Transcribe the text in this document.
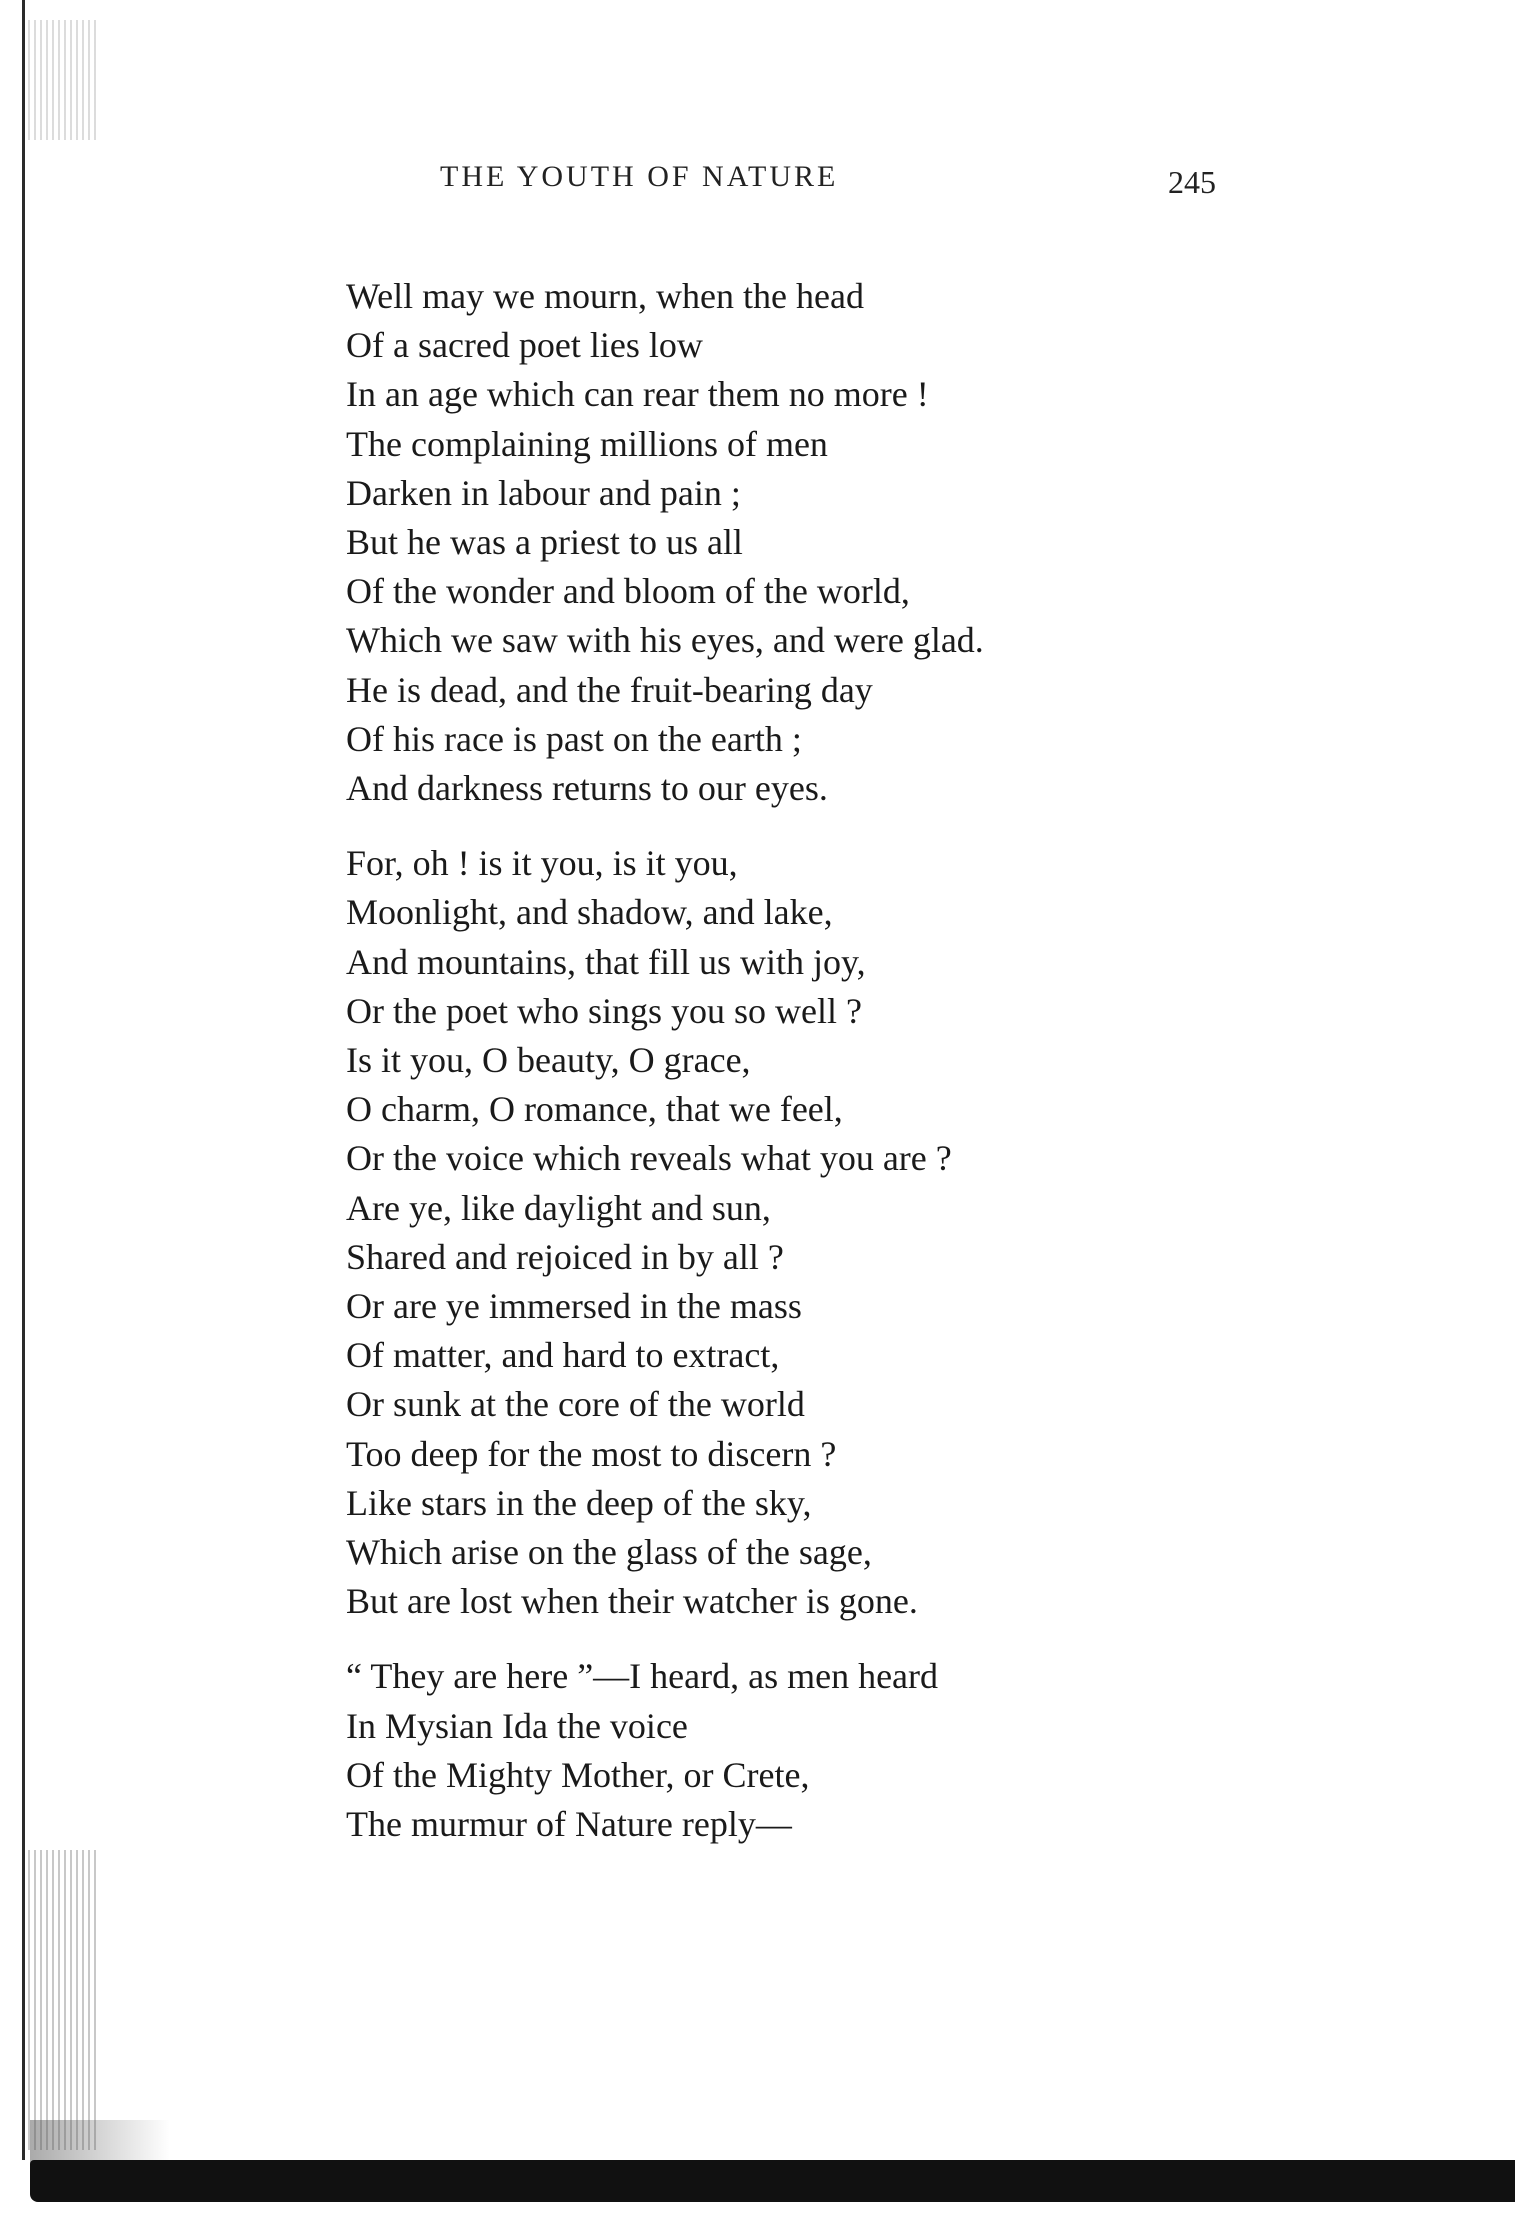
THE YOUTH OF NATURE	245
Well may we mourn, when the head
Of a sacred poet lies low
In an age which can rear them no more !
The complaining millions of men
Darken in labour and pain ;
But he was a priest to us all
Of the wonder and bloom of the world,
Which we saw with his eyes, and were glad.
He is dead, and the fruit-bearing day
Of his race is past on the earth ;
And darkness returns to our eyes.
For, oh ! is it you, is it you,
Moonlight, and shadow, and lake,
And mountains, that fill us with joy,
Or the poet who sings you so well ?
Is it you, O beauty, O grace,
O charm, O romance, that we feel,
Or the voice which reveals what you are ?
Are ye, like daylight and sun,
Shared and rejoiced in by all ?
Or are ye immersed in the mass
Of matter, and hard to extract,
Or sunk at the core of the world
Too deep for the most to discern ?
Like stars in the deep of the sky,
Which arise on the glass of the sage,
But are lost when their watcher is gone.
“ They are here ”—I heard, as men heard
In Mysian Ida the voice
Of the Mighty Mother, or Crete,
The murmur of Nature reply—
